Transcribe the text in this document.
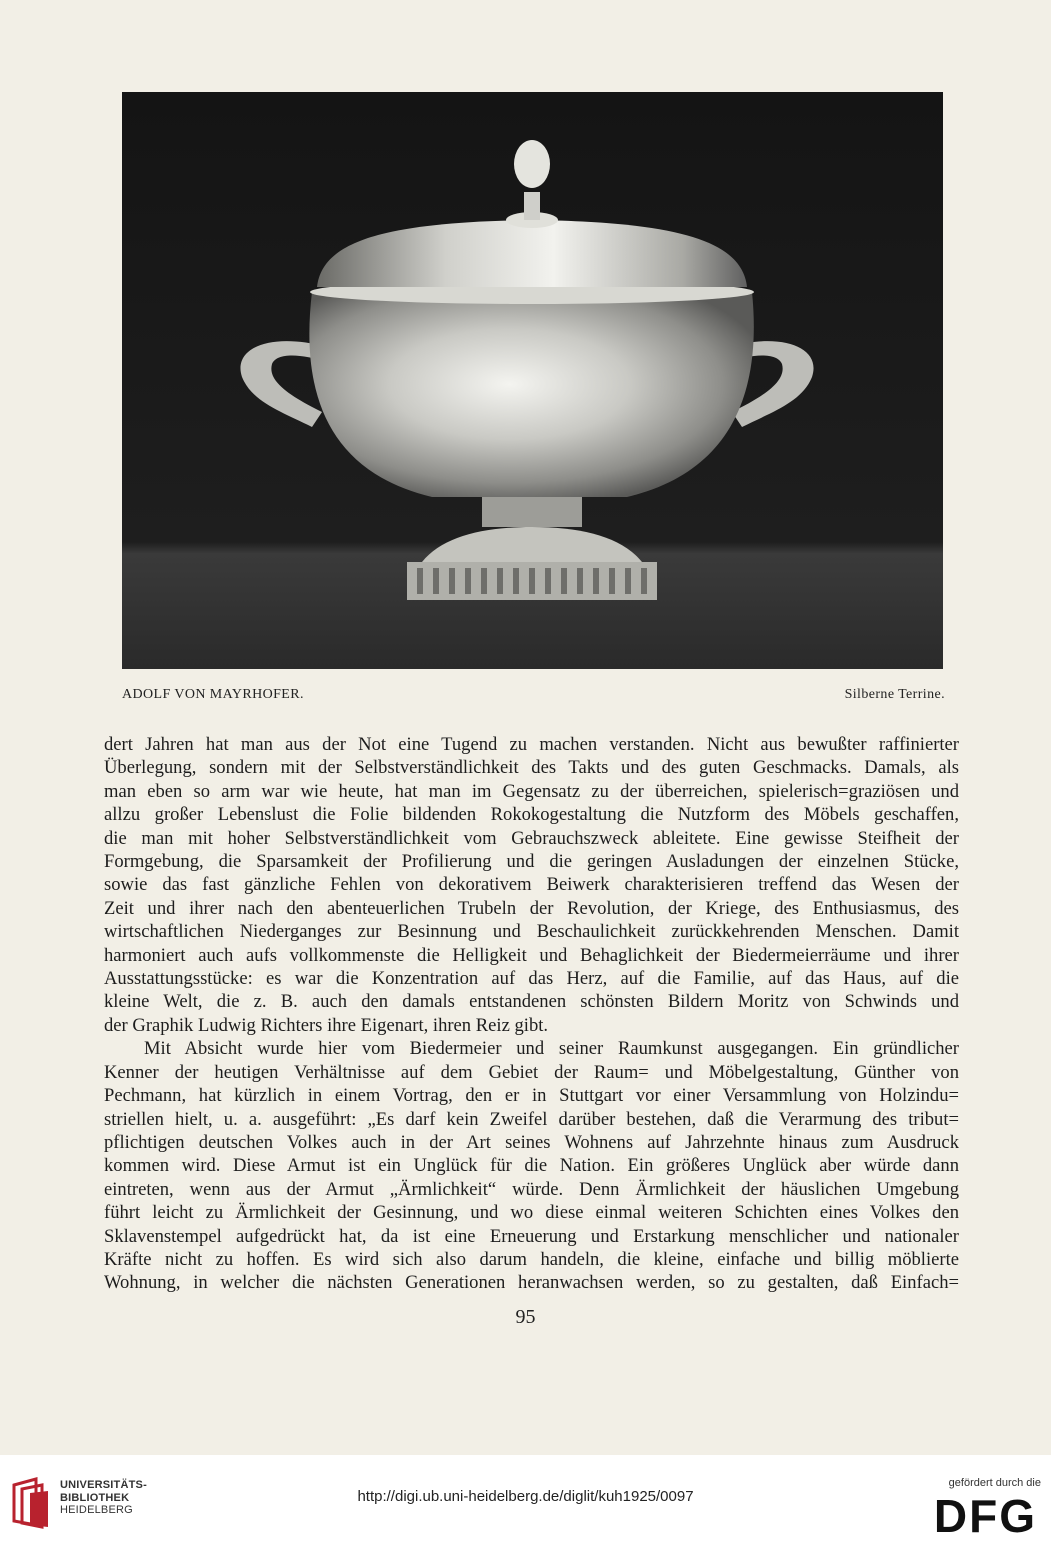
ADOLF VON MAYRHOFER.	Silberne Terrine.

dert Jahren hat man aus der Not eine Tugend zu machen verstanden. Nicht aus bewußter raffinierter

Überlegung, sondern mit der Selbstverständlichkeit des Takts und des guten Geschmacks. Damals, als

man eben so arm war wie heute, hat man im Gegensatz zu der überreichen, spielerisch=graziösen und

allzu großer Lebenslust die Folie bildenden Rokokogestaltung die Nutzform des Möbels geschaffen,

die man mit hoher Selbstverständlichkeit vom Gebrauchszweck ableitete. Eine gewisse Steifheit der

Formgebung, die Sparsamkeit der Profilierung und die geringen Ausladungen der einzelnen Stücke,

sowie das fast gänzliche Fehlen von dekorativem Beiwerk charakterisieren treffend das Wesen der

Zeit und ihrer nach den abenteuerlichen Trubeln der Revolution, der Kriege, des Enthusiasmus, des

wirtschaftlichen Niederganges zur Besinnung und Beschaulichkeit zurückkehrenden Menschen. Damit

harmoniert auch aufs vollkommenste die Helligkeit und Behaglichkeit der Biedermeierräume und ihrer

Ausstattungsstücke: es war die Konzentration auf das Herz, auf die Familie, auf das Haus, auf die

kleine Welt, die z. B. auch den damals entstandenen schönsten Bildern Moritz von Schwinds und

der Graphik Ludwig Richters ihre Eigenart, ihren Reiz gibt.

Mit Absicht wurde hier vom Biedermeier und seiner Raumkunst ausgegangen. Ein gründlicher

Kenner der heutigen Verhältnisse auf dem Gebiet der Raum= und Möbelgestaltung, Günther von

Pechmann, hat kürzlich in einem Vortrag, den er in Stuttgart vor einer Versammlung von Holzindu=

striellen hielt, u. a. ausgeführt: „Es darf kein Zweifel darüber bestehen, daß die Verarmung des tribut=

pflichtigen deutschen Volkes auch in der Art seines Wohnens auf Jahrzehnte hinaus zum Ausdruck

kommen wird. Diese Armut ist ein Unglück für die Nation. Ein größeres Unglück aber würde dann

eintreten, wenn aus der Armut „Ärmlichkeit“ würde. Denn Ärmlichkeit der häuslichen Umgebung

führt leicht zu Ärmlichkeit der Gesinnung, und wo diese einmal weiteren Schichten eines Volkes den

Sklavenstempel aufgedrückt hat, da ist eine Erneuerung und Erstarkung menschlicher und nationaler

Kräfte nicht zu hoffen. Es wird sich also darum handeln, die kleine, einfache und billig möblierte

Wohnung, in welcher die nächsten Generationen heranwachsen werden, so zu gestalten, daß Einfach=

95
UNIVERSITÄTS-
BIBLIOTHEK
HEIDELBERG
http://digi.ub.uni-heidelberg.de/diglit/kuh1925/0097
gefördert durch die
DFG
